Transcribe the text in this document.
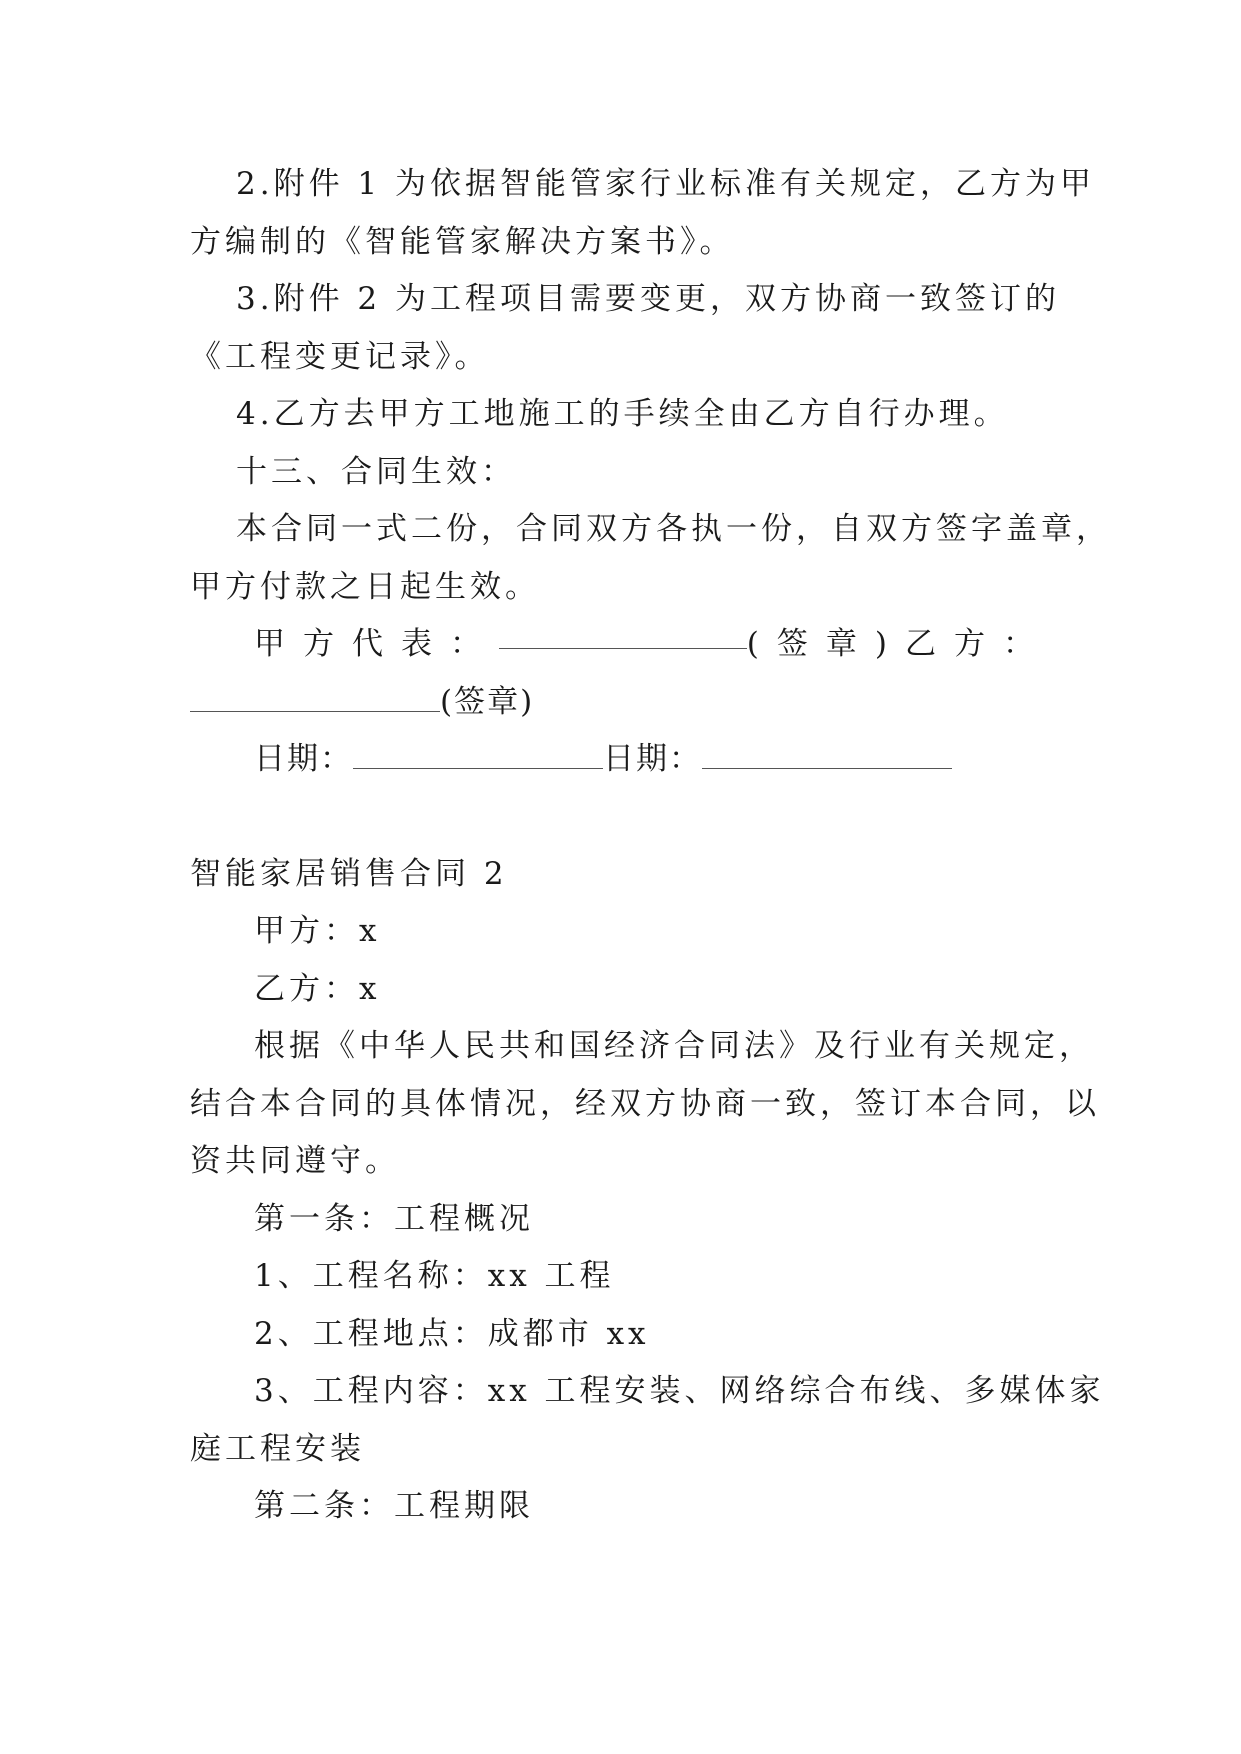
2.附件 1 为依据智能管家行业标准有关规定，乙方为甲
方编制的《智能管家解决方案书》。
3.附件 2 为工程项目需要变更，双方协商一致签订的
《工程变更记录》。
4.乙方去甲方工地施工的手续全由乙方自行办理。
十三、合同生效：
本合同一式二份，合同双方各执一份，自双方签字盖章，
甲方付款之日起生效。
甲方代表：	(签章) 乙方：
(签章)
日期：	日期：
智能家居销售合同 2
甲方：x
乙方：x
根据《中华人民共和国经济合同法》及行业有关规定，
结合本合同的具体情况，经双方协商一致，签订本合同，以
资共同遵守。
第一条：工程概况
1、工程名称：xx 工程
2、工程地点：成都市 xx
3、工程内容：xx 工程安装、网络综合布线、多媒体家
庭工程安装
第二条：工程期限
